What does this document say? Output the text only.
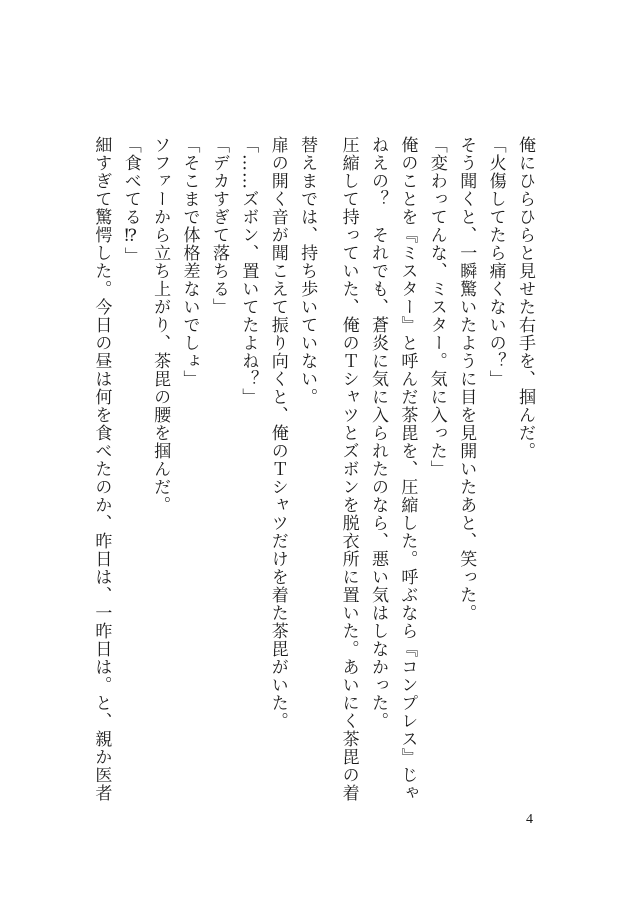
俺にひらひらと見せた右手を、掴んだ。
「火傷してたら痛くないの？」
そう聞くと、一瞬驚いたように目を見開いたあと、笑った。
「変わってんな、ミスター。気に入った」
俺のことを『ミスター』と呼んだ茶毘を、圧縮した。呼ぶなら『コンプレス』じゃ
ねえの？　それでも、蒼炎に気に入られたのなら、悪い気はしなかった。
圧縮して持っていた、俺のＴシャツとズボンを脱衣所に置いた。あいにく茶毘の着
替えまでは、持ち歩いていない。
扉の開く音が聞こえて振り向くと、俺のＴシャツだけを着た茶毘がいた。
「……ズボン、置いてたよね？」
「デカすぎて落ちる」
「そこまで体格差ないでしょ」
ソファーから立ち上がり、茶毘の腰を掴んだ。
「食べてる⁉」
細すぎて驚愕した。今日の昼は何を食べたのか、昨日は、一昨日は。と、親か医者
4
